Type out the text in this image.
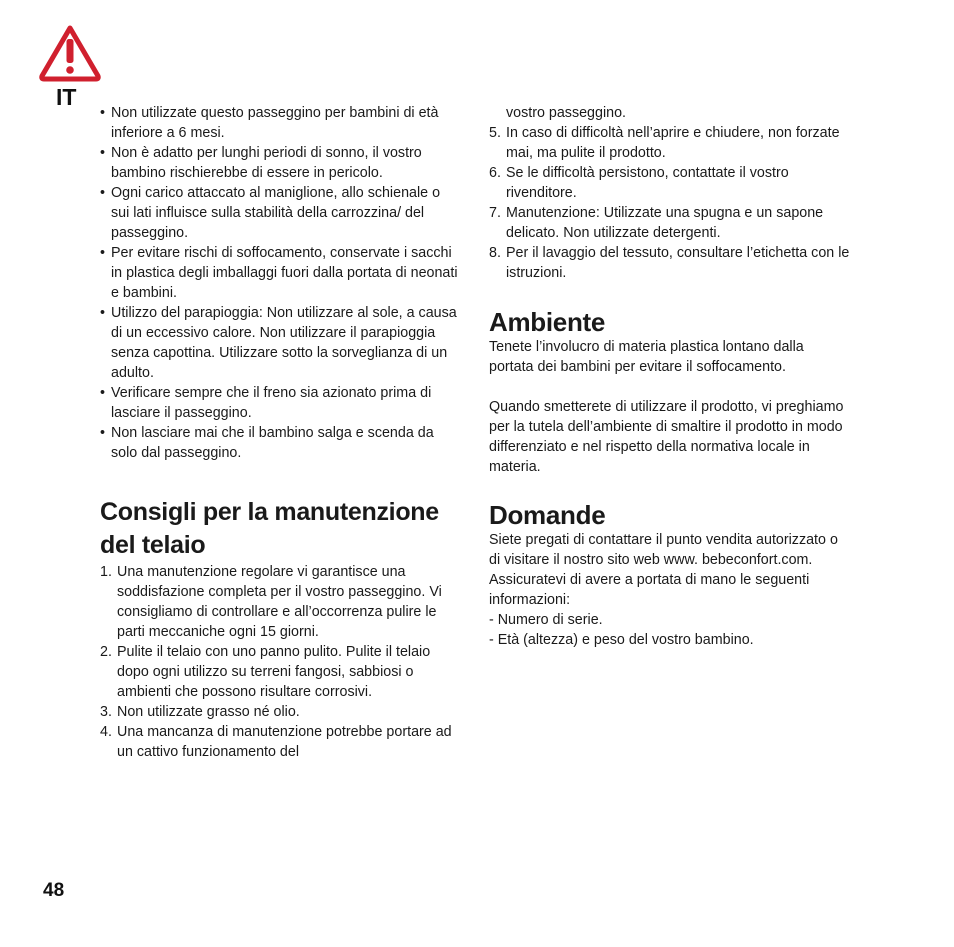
IT
• Non utilizzate questo passeggino per bambini di età inferiore a 6 mesi.
• Non è adatto per lunghi periodi di sonno, il vostro bambino rischierebbe di essere in pericolo.
• Ogni carico attaccato al maniglione, allo schienale o sui lati influisce sulla stabilità della carrozzina/ del passeggino.
• Per evitare rischi di soffocamento, conservate i sacchi in plastica degli imballaggi fuori dalla portata di neonati e bambini.
• Utilizzo del parapioggia: Non utilizzare al sole, a causa di un eccessivo calore. Non utilizzare il parapioggia senza capottina. Utilizzare sotto la sorveglianza di un adulto.
• Verificare sempre che il freno sia azionato prima di lasciare il passeggino.
• Non lasciare mai che il bambino salga e scenda da solo dal passeggino.
Consigli per la manutenzione del telaio
1. Una manutenzione regolare vi garantisce una soddisfazione completa per il vostro passeggino. Vi consigliamo di controllare e all’occorrenza pulire le parti meccaniche ogni 15 giorni.
2. Pulite il telaio con uno panno pulito. Pulite il telaio dopo ogni utilizzo su terreni fangosi, sabbiosi o ambienti che possono risultare corrosivi.
3. Non utilizzate grasso né olio.
4. Una mancanza di manutenzione potrebbe portare ad un cattivo funzionamento del

vostro passeggino.

5. In caso di difficoltà nell’aprire e chiudere, non forzate mai, ma pulite il prodotto.
6. Se le difficoltà persistono, contattate il vostro rivenditore.
7. Manutenzione: Utilizzate una spugna e un sapone delicato. Non utilizzate detergenti.
8. Per il lavaggio del tessuto, consultare l’etichetta con le istruzioni.
Ambiente

Tenete l’involucro di materia plastica lontano dalla portata dei bambini per evitare il soffocamento.

Quando smetterete di utilizzare il prodotto, vi preghiamo per la tutela dell’ambiente di smaltire il prodotto in modo differenziato e nel rispetto della normativa locale in materia.

Domande

Siete pregati di contattare il punto vendita autorizzato o di visitare il nostro sito web www. bebeconfort.com. Assicuratevi di avere a portata di mano le seguenti informazioni:

- Numero di serie.

- Età (altezza) e peso del vostro bambino.

48
